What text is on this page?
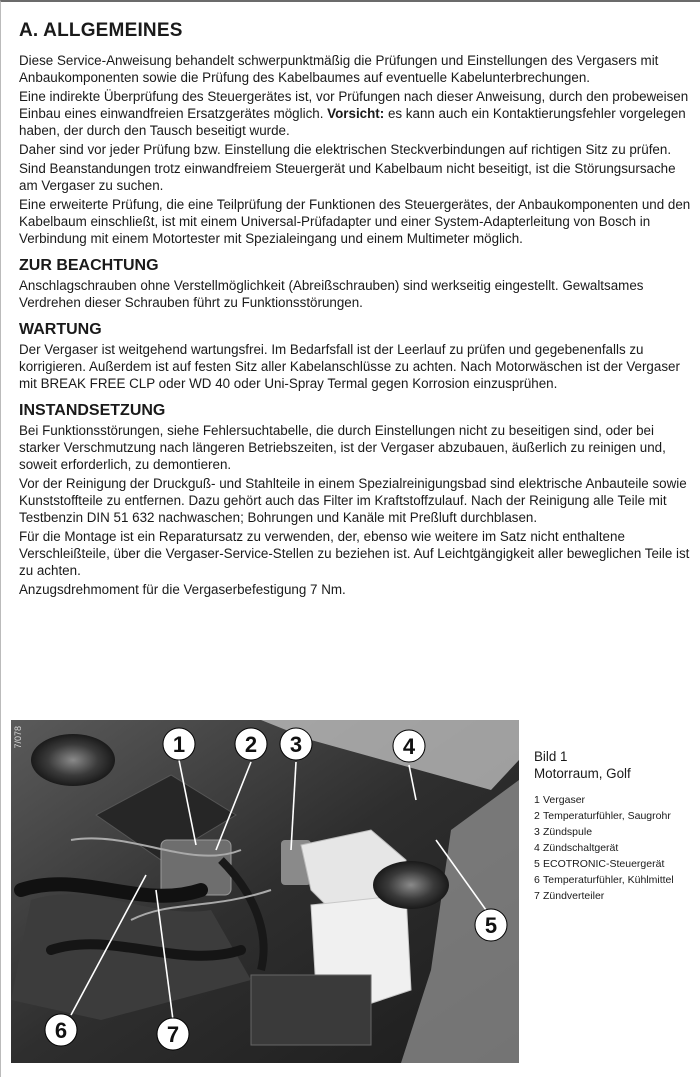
A. ALLGEMEINES

Diese Service-Anweisung behandelt schwerpunktmäßig die Prüfungen und Einstellungen des Vergasers mit Anbaukomponenten sowie die Prüfung des Kabelbaumes auf eventuelle Kabelunterbrechungen.

Eine indirekte Überprüfung des Steuergerätes ist, vor Prüfungen nach dieser Anweisung, durch den probeweisen Einbau eines einwandfreien Ersatzgerätes möglich. Vorsicht: es kann auch ein Kontaktierungsfehler vorgelegen haben, der durch den Tausch beseitigt wurde.

Daher sind vor jeder Prüfung bzw. Einstellung die elektrischen Steckverbindungen auf richtigen Sitz zu prüfen.

Sind Beanstandungen trotz einwandfreiem Steuergerät und Kabelbaum nicht beseitigt, ist die Störungsursache am Vergaser zu suchen.

Eine erweiterte Prüfung, die eine Teilprüfung der Funktionen des Steuergerätes, der Anbaukomponenten und den Kabelbaum einschließt, ist mit einem Universal-Prüfadapter und einer System-Adapterleitung von Bosch in Verbindung mit einem Motortester mit Spezialeingang und einem Multimeter möglich.

ZUR BEACHTUNG

Anschlagschrauben ohne Verstellmöglichkeit (Abreißschrauben) sind werkseitig eingestellt. Gewaltsames Verdrehen dieser Schrauben führt zu Funktionsstörungen.

WARTUNG

Der Vergaser ist weitgehend wartungsfrei. Im Bedarfsfall ist der Leerlauf zu prüfen und gegebenenfalls zu korrigieren. Außerdem ist auf festen Sitz aller Kabelanschlüsse zu achten. Nach Motorwäschen ist der Vergaser mit BREAK FREE CLP oder WD 40 oder Uni-Spray Termal gegen Korrosion einzusprühen.

INSTANDSETZUNG

Bei Funktionsstörungen, siehe Fehlersuchtabelle, die durch Einstellungen nicht zu beseitigen sind, oder bei starker Verschmutzung nach längeren Betriebszeiten, ist der Vergaser abzubauen, äußerlich zu reinigen und, soweit erforderlich, zu demontieren.

Vor der Reinigung der Druckguß- und Stahlteile in einem Spezialreinigungsbad sind elektrische Anbauteile sowie Kunststoffteile zu entfernen. Dazu gehört auch das Filter im Kraftstoffzulauf. Nach der Reinigung alle Teile mit Testbenzin DIN 51 632 nachwaschen; Bohrungen und Kanäle mit Preßluft durchblasen.

Für die Montage ist ein Reparatursatz zu verwenden, der, ebenso wie weitere im Satz nicht enthaltene Verschleißteile, über die Vergaser-Service-Stellen zu beziehen ist. Auf Leichtgängigkeit aller beweglichen Teile ist zu achten.

Anzugsdrehmoment für die Vergaserbefestigung 7 Nm.

1	2 3	4
5
6	7
7/078

Bild 1

Motorraum, Golf

1 Vergaser
2 Temperaturfühler, Saugrohr
3 Zündspule
4 Zündschaltgerät
5 ECOTRONIC-Steuergerät
6 Temperaturfühler, Kühlmittel
7 Zündverteiler
